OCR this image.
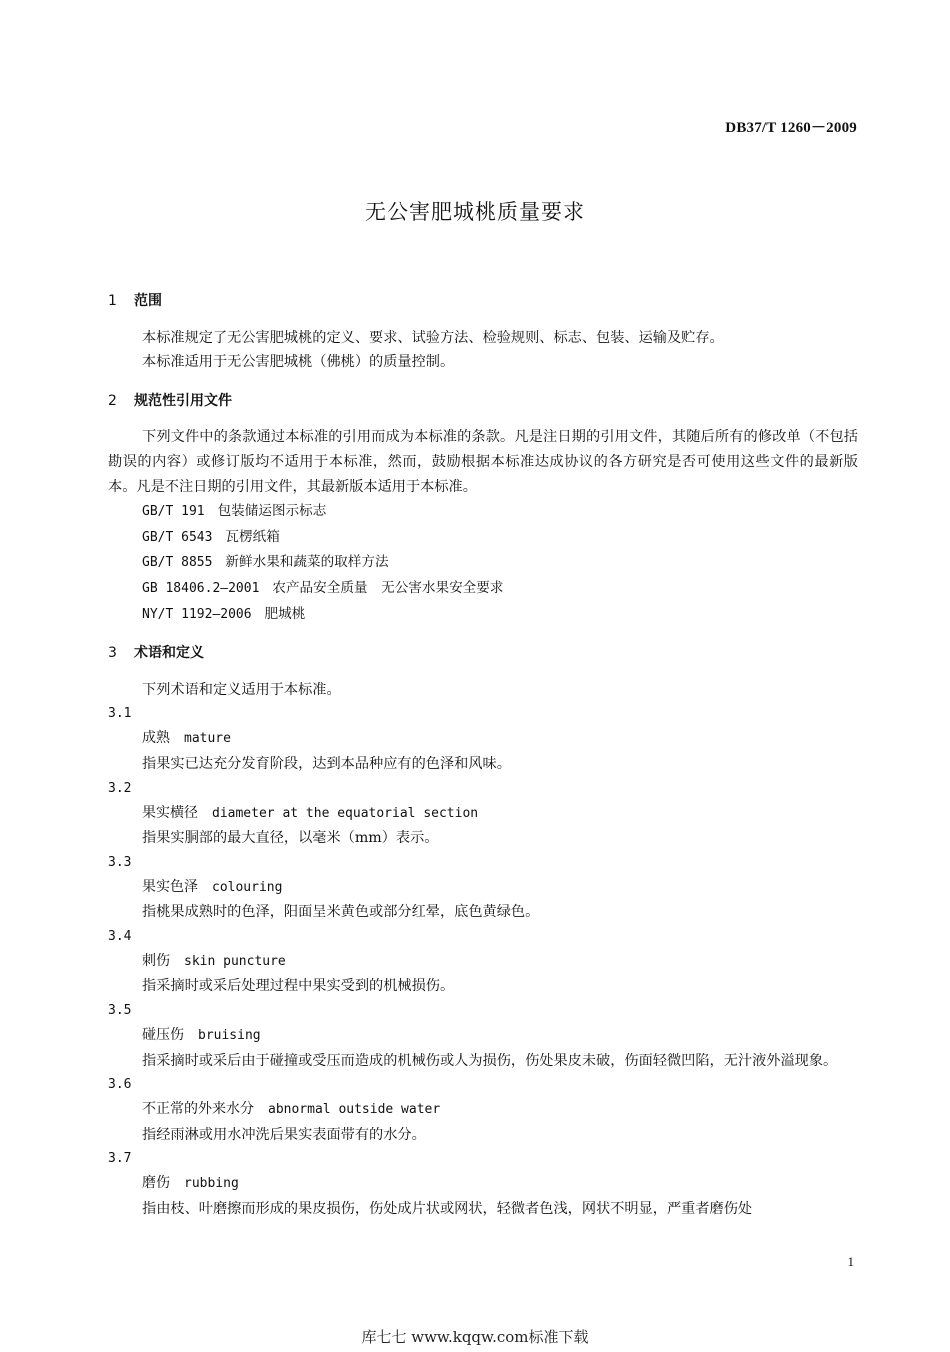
DB37/T 1260－2009
无公害肥城桃质量要求
1 范围
本标准规定了无公害肥城桃的定义、要求、试验方法、检验规则、标志、包装、运输及贮存。
本标准适用于无公害肥城桃（佛桃）的质量控制。
2 规范性引用文件
下列文件中的条款通过本标准的引用而成为本标准的条款。凡是注日期的引用文件，其随后所有的修改单（不包括勘误的内容）或修订版均不适用于本标准，然而，鼓励根据本标准达成协议的各方研究是否可使用这些文件的最新版本。凡是不注日期的引用文件，其最新版本适用于本标准。
GB/T 191 包装储运图示标志
GB/T 6543 瓦楞纸箱
GB/T 8855 新鲜水果和蔬菜的取样方法
GB 18406.2—2001 农产品安全质量　无公害水果安全要求
NY/T 1192—2006 肥城桃
3 术语和定义
下列术语和定义适用于本标准。
3.1
成熟 mature
指果实已达充分发育阶段，达到本品种应有的色泽和风味。
3.2
果实横径 diameter at the equatorial section
指果实胴部的最大直径，以毫米（mm）表示。
3.3
果实色泽 colouring
指桃果成熟时的色泽，阳面呈米黄色或部分红晕，底色黄绿色。
3.4
刺伤 skin puncture
指采摘时或采后处理过程中果实受到的机械损伤。
3.5
碰压伤 bruising
指采摘时或采后由于碰撞或受压而造成的机械伤或人为损伤，伤处果皮未破，伤面轻微凹陷，无汁液外溢现象。
3.6
不正常的外来水分 abnormal outside water
指经雨淋或用水冲洗后果实表面带有的水分。
3.7
磨伤 rubbing
指由枝、叶磨擦而形成的果皮损伤，伤处成片状或网状，轻微者色浅，网状不明显，严重者磨伤处
1
库七七 www.kqqw.com标准下载
